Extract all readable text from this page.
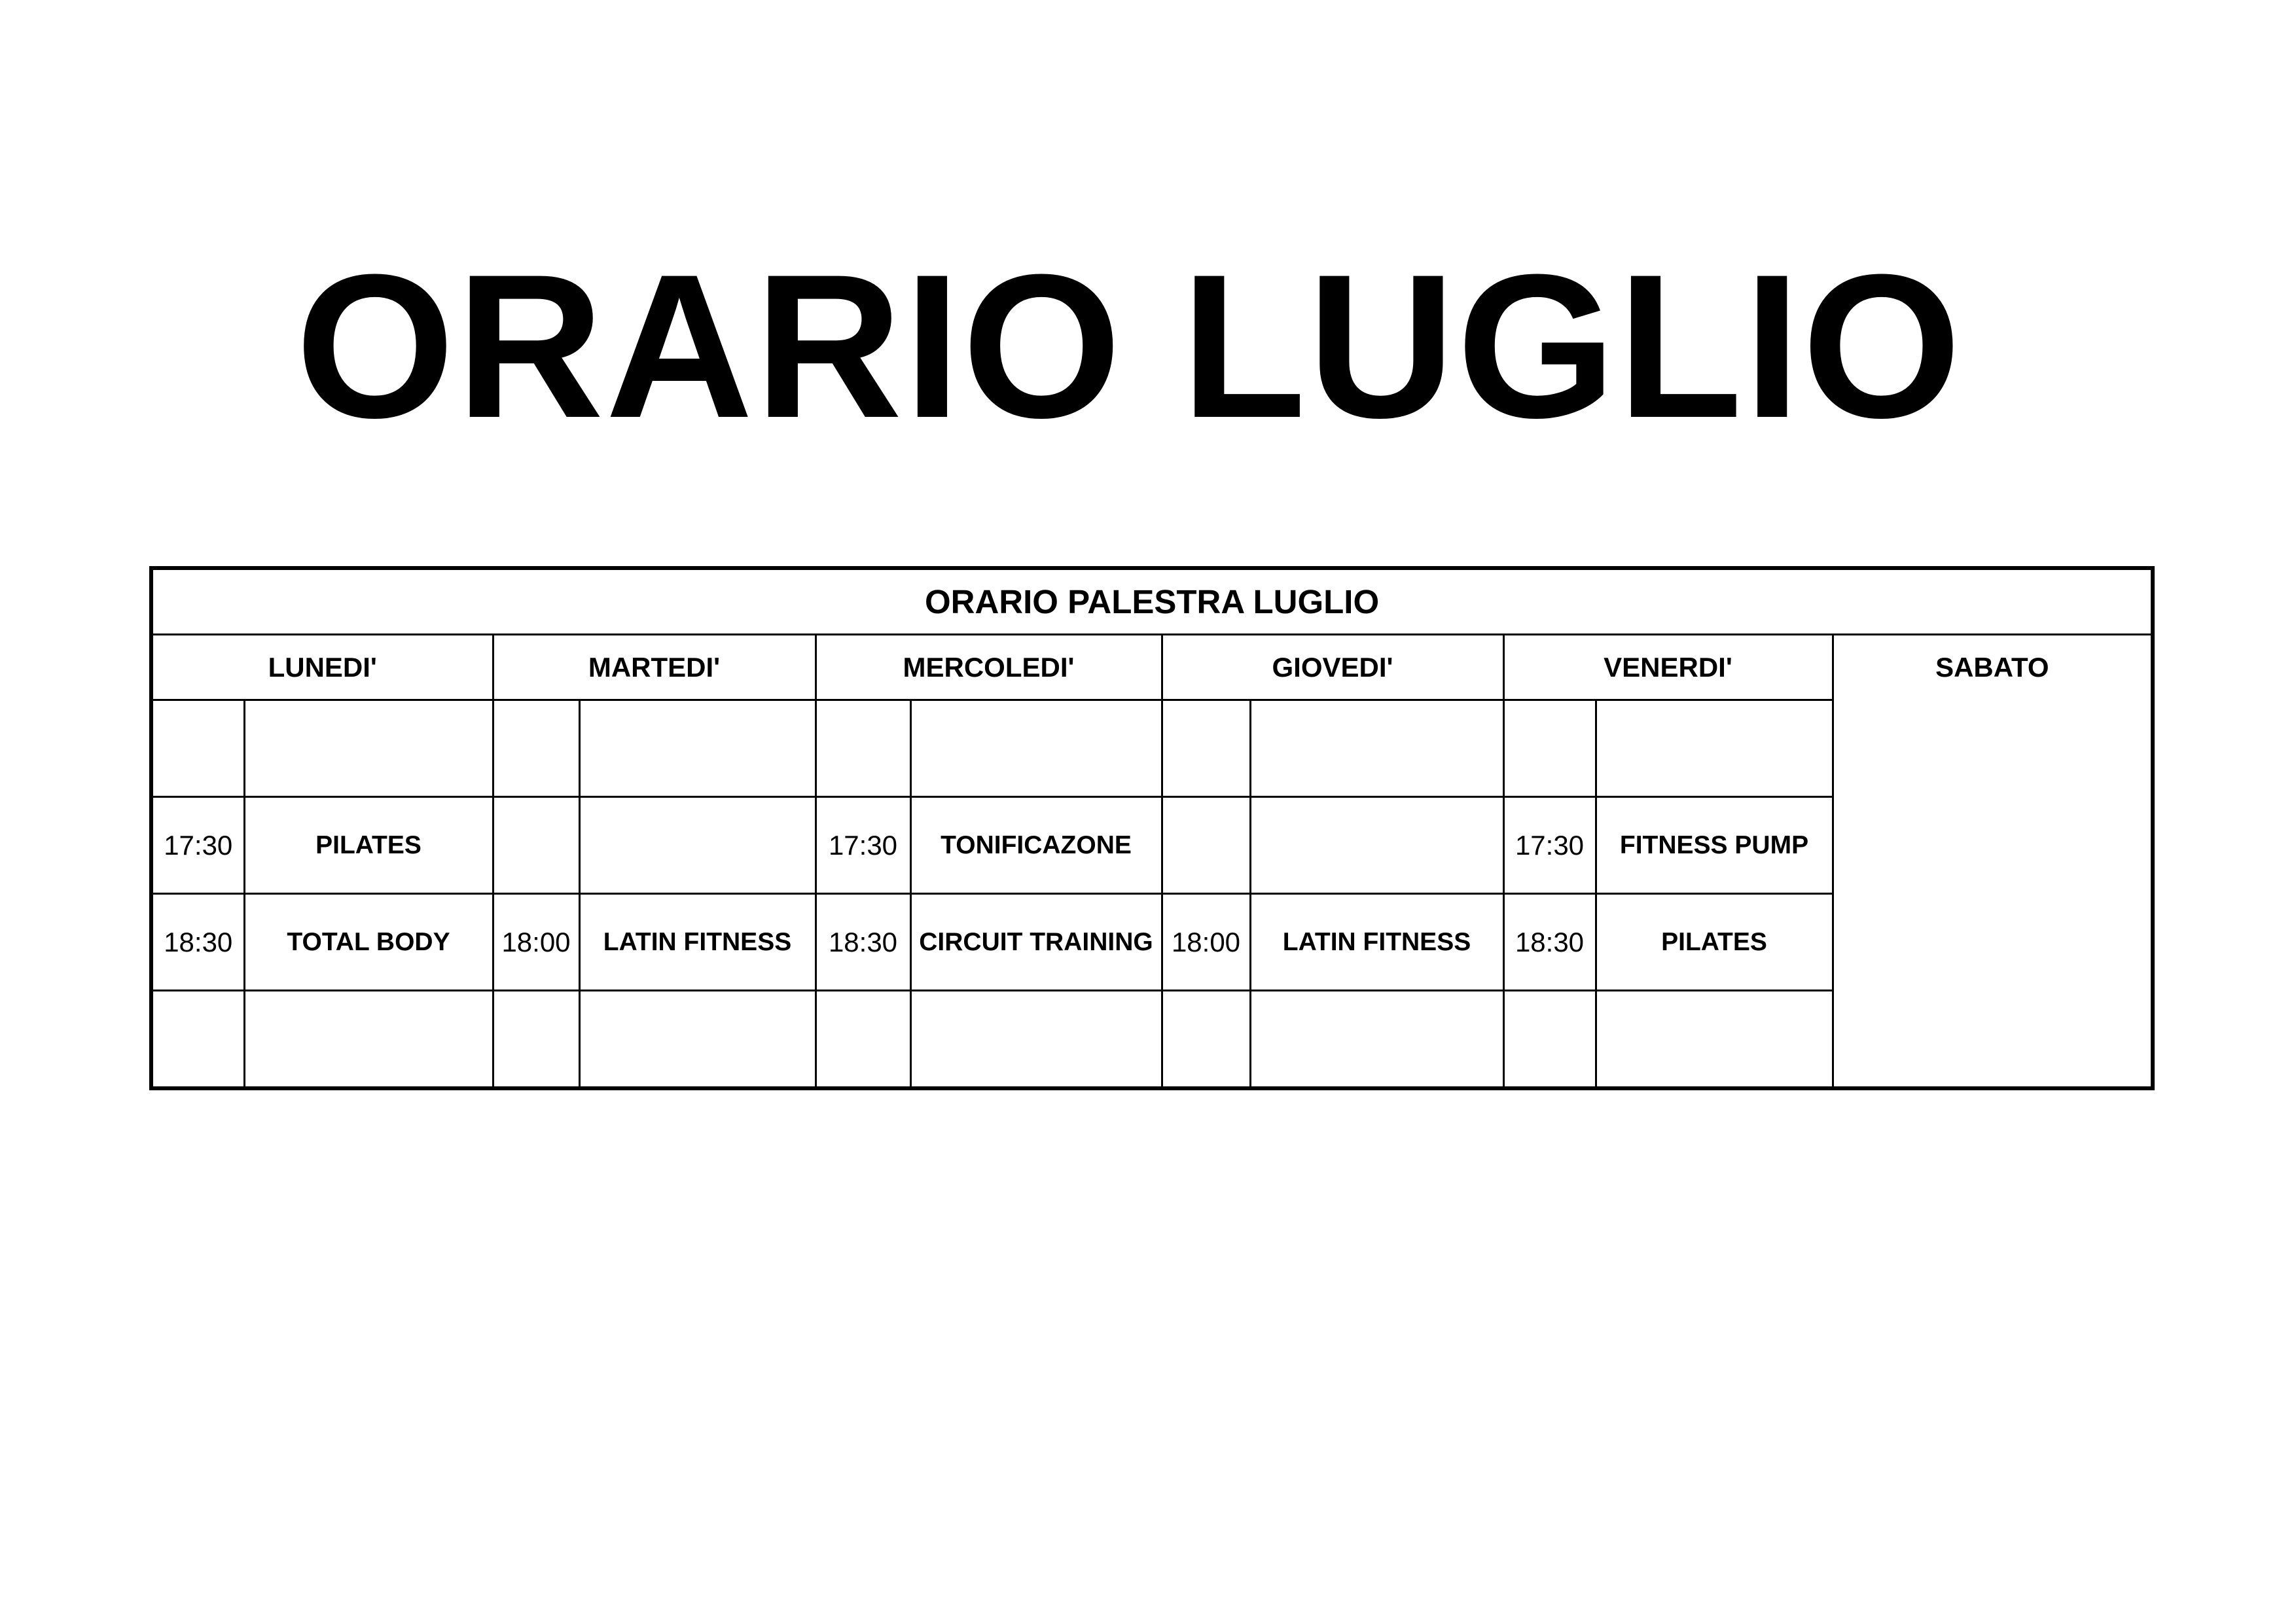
ORARIO LUGLIO
ORARIO PALESTRA LUGLIO										
LUNEDI'		MARTEDI'		MERCOLEDI'		GIOVEDI'		VENERDI'		SABATO

17:30	PILATES			17:30	TONIFICAZONE			17:30	FITNESS PUMP	
18:30	TOTAL BODY	18:00	LATIN FITNESS	18:30	CIRCUIT TRAINING	18:00	LATIN FITNESS	18:30	PILATES	
